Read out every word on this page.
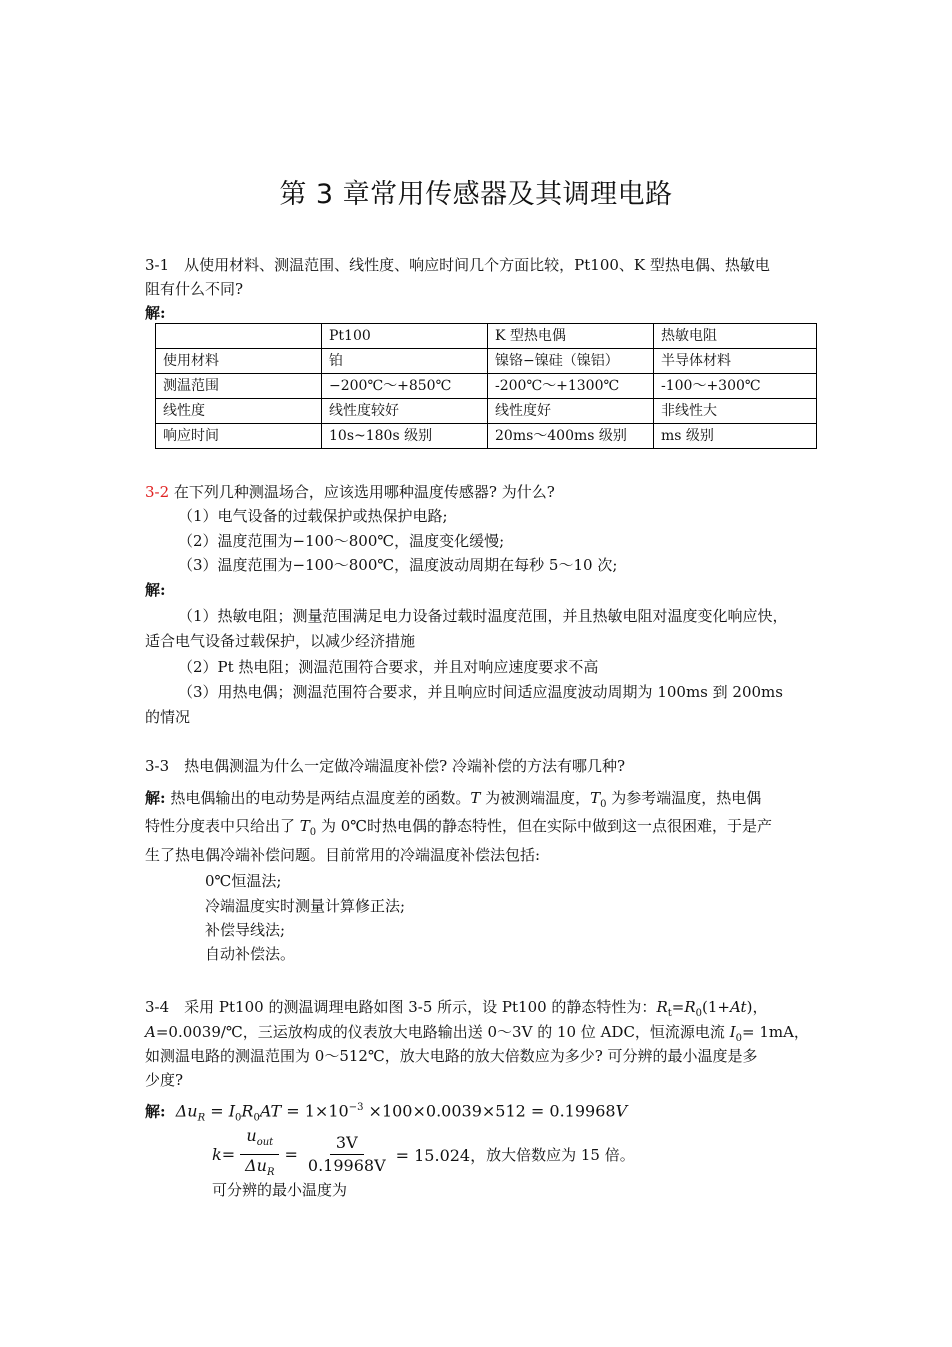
第 3 章常用传感器及其调理电路
3-1　从使用材料、测温范围、线性度、响应时间几个方面比较，Pt100、K 型热电偶、热敏电
阻有什么不同?
解:
	Pt100	K 型热电偶	热敏电阻
使用材料	铂	镍铬−镍硅（镍铝）	半导体材料
测温范围	−200℃～+850℃	-200℃～+1300℃	-100～+300℃
线性度	线性度较好	线性度好	非线性大
响应时间	10s~180s 级别	20ms～400ms 级别	ms 级别
3-2 在下列几种测温场合，应该选用哪种温度传感器? 为什么?
（1）电气设备的过载保护或热保护电路;
（2）温度范围为−100～800℃，温度变化缓慢;
（3）温度范围为−100～800℃，温度波动周期在每秒 5～10 次;
解:
（1）热敏电阻；测量范围满足电力设备过载时温度范围，并且热敏电阻对温度变化响应快，
适合电气设备过载保护，以减少经济措施
（2）Pt 热电阻；测温范围符合要求，并且对响应速度要求不高
（3）用热电偶；测温范围符合要求，并且响应时间适应温度波动周期为 100ms 到 200ms
的情况
3-3　热电偶测温为什么一定做冷端温度补偿? 冷端补偿的方法有哪几种?
解: 热电偶输出的电动势是两结点温度差的函数。T 为被测端温度，$T_0$ 为参考端温度，热电偶
特性分度表中只给出了 $T_0$ 为 0℃时热电偶的静态特性，但在实际中做到这一点很困难，于是产
生了热电偶冷端补偿问题。目前常用的冷端温度补偿法包括:
0℃恒温法;
冷端温度实时测量计算修正法;
补偿导线法;
自动补偿法。
3-4　采用 Pt100 的测温调理电路如图 3-5 所示，设 Pt100 的静态特性为：$R_t=R_0(1+At)$，
A=0.0039/℃，三运放构成的仪表放大电路输出送 0～3V 的 10 位 ADC，恒流源电流 $I_0= 1mA$，
如测温电路的测温范围为 0～512℃，放大电路的放大倍数应为多少? 可分辨的最小温度是多
少度?
解: $\Delta u_R = I_0R_0AT = 1\times 10^{-3} \times 100\times 0.0039\times 512 = 0.19968V$
$k = \frac{u_{out}}{\Delta u_R} = \frac{3V}{0.19968V} = 15.024$， 放大倍数应为 15 倍。
可分辨的最小温度为
